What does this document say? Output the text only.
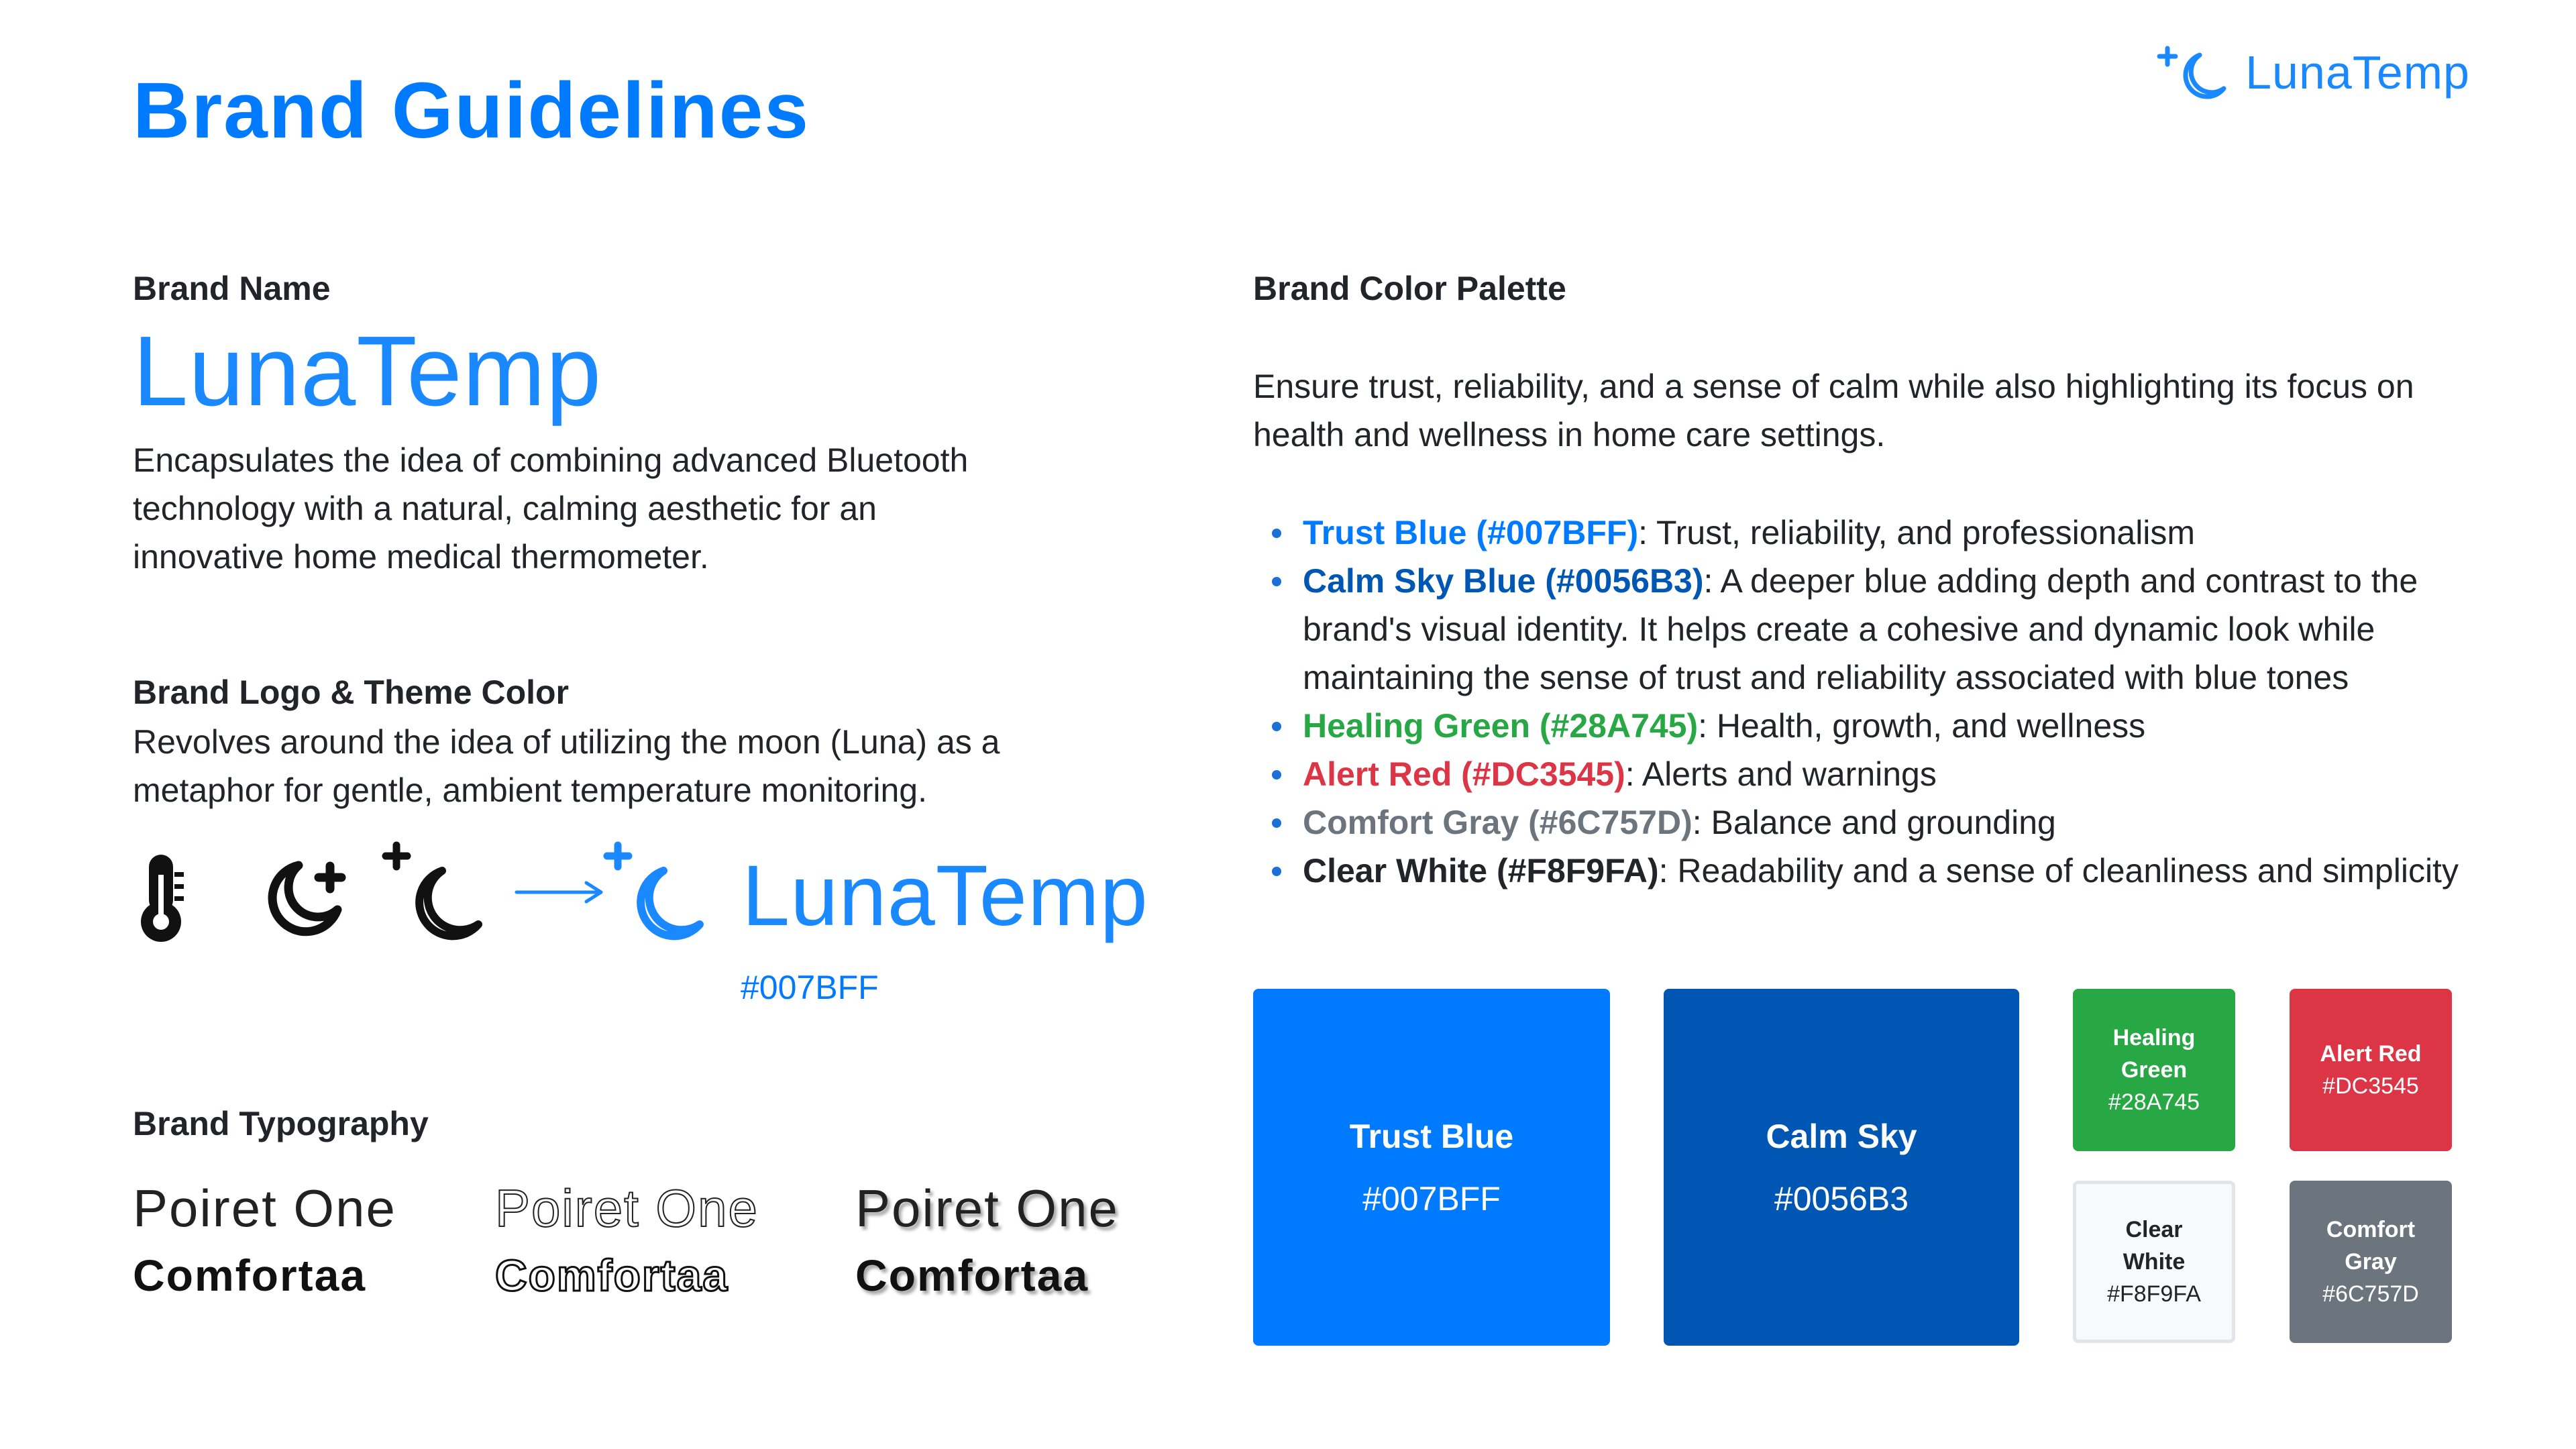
Brand Guidelines	LunaTemp
Brand Name
LunaTemp

Encapsulates the idea of combining advanced Bluetooth technology with a natural, calming aesthetic for an innovative home medical thermometer.

Brand Logo & Theme Color

Revolves around the idea of utilizing the moon (Luna) as a metaphor for gentle, ambient temperature monitoring.

LunaTemp
#007BFF
Brand Typography
Poiret One
Comfortaa
Poiret One
Comfortaa
Poiret One
Comfortaa
Brand Color Palette

Ensure trust, reliability, and a sense of calm while also highlighting its focus on health and wellness in home care settings.

Trust Blue (#007BFF): Trust, reliability, and professionalism
Calm Sky Blue (#0056B3): A deeper blue adding depth and contrast to the brand's visual identity. It helps create a cohesive and dynamic look while maintaining the sense of trust and reliability associated with blue tones
Healing Green (#28A745): Health, growth, and wellness
Alert Red (#DC3545): Alerts and warnings
Comfort Gray (#6C757D): Balance and grounding
Clear White (#F8F9FA): Readability and a sense of cleanliness and simplicity
Trust Blue
#007BFF
Calm Sky
#0056B3
Healing Green
#28A745
Alert Red
#DC3545
Clear White
#F8F9FA
Comfort Gray
#6C757D
